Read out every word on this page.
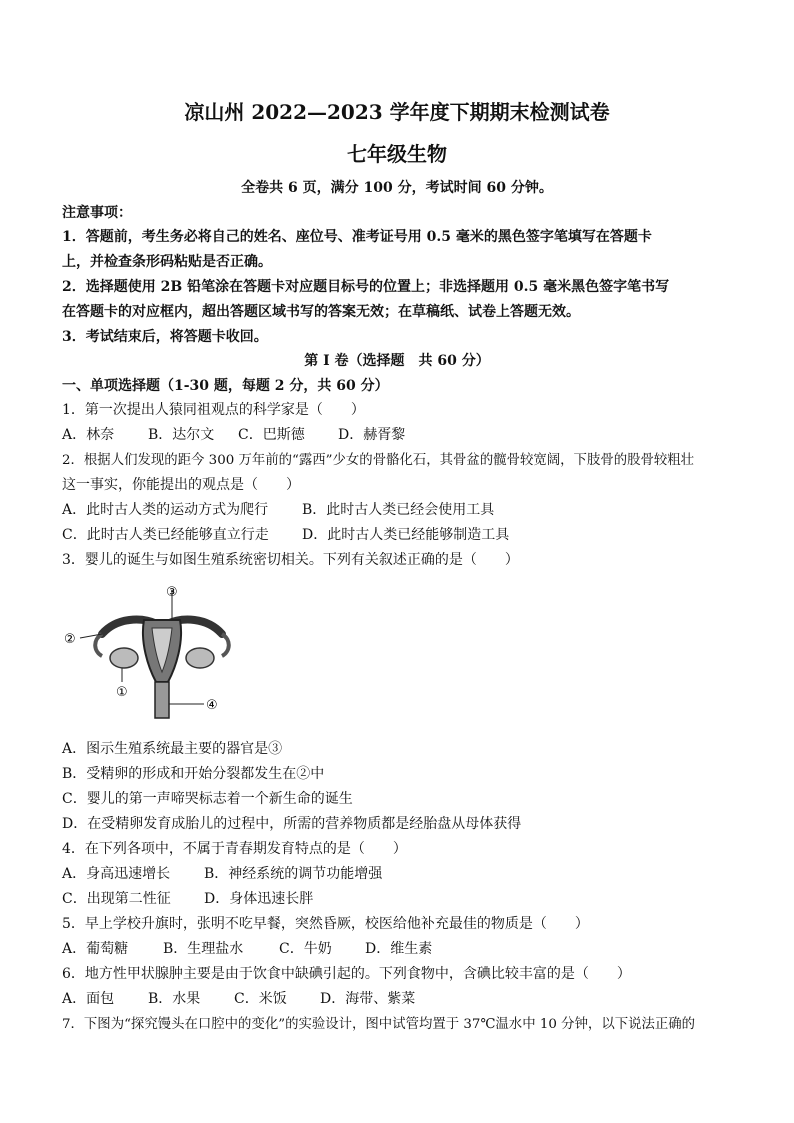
凉山州 2022—2023 学年度下期期末检测试卷
七年级生物
全卷共 6 页，满分 100 分，考试时间 60 分钟。
注意事项：
1．答题前，考生务必将自己的姓名、座位号、准考证号用 0.5 毫米的黑色签字笔填写在答题卡
上，并检查条形码粘贴是否正确。
2．选择题使用 2B 铅笔涂在答题卡对应题目标号的位置上；非选择题用 0.5 毫米黑色签字笔书写
在答题卡的对应框内，超出答题区域书写的答案无效；在草稿纸、试卷上答题无效。
3．考试结束后，将答题卡收回。
第 I 卷（选择题　共 60 分）
一、单项选择题（1-30 题，每题 2 分，共 60 分）
1．第一次提出人猿同祖观点的科学家是（　　）
A．林奈 B．达尔文 C．巴斯德 D．赫胥黎
2．根据人们发现的距今 300 万年前的“露西”少女的骨骼化石，其骨盆的髋骨较宽阔，下肢骨的股骨较粗壮
这一事实，你能提出的观点是（　　）
A．此时古人类的运动方式为爬行 B．此时古人类已经会使用工具
C．此时古人类已经能够直立行走 D．此时古人类已经能够制造工具
3．婴儿的诞生与如图生殖系统密切相关。下列有关叙述正确的是（　　）
③
②
①
④
A．图示生殖系统最主要的器官是③
B．受精卵的形成和开始分裂都发生在②中
C．婴儿的第一声啼哭标志着一个新生命的诞生
D．在受精卵发育成胎儿的过程中，所需的营养物质都是经胎盘从母体获得
4．在下列各项中，不属于青春期发育特点的是（　　）
A．身高迅速增长 B．神经系统的调节功能增强
C．出现第二性征 D．身体迅速长胖
5．早上学校升旗时，张明不吃早餐，突然昏厥，校医给他补充最佳的物质是（　　）
A．葡萄糖 B．生理盐水	C．牛奶 D．维生素
6．地方性甲状腺肿主要是由于饮食中缺碘引起的。下列食物中，含碘比较丰富的是（　　）
A．面包 B．水果 C．米饭 D．海带、紫菜
7．下图为“探究馒头在口腔中的变化”的实验设计，图中试管均置于 37℃温水中 10 分钟，以下说法正确的
